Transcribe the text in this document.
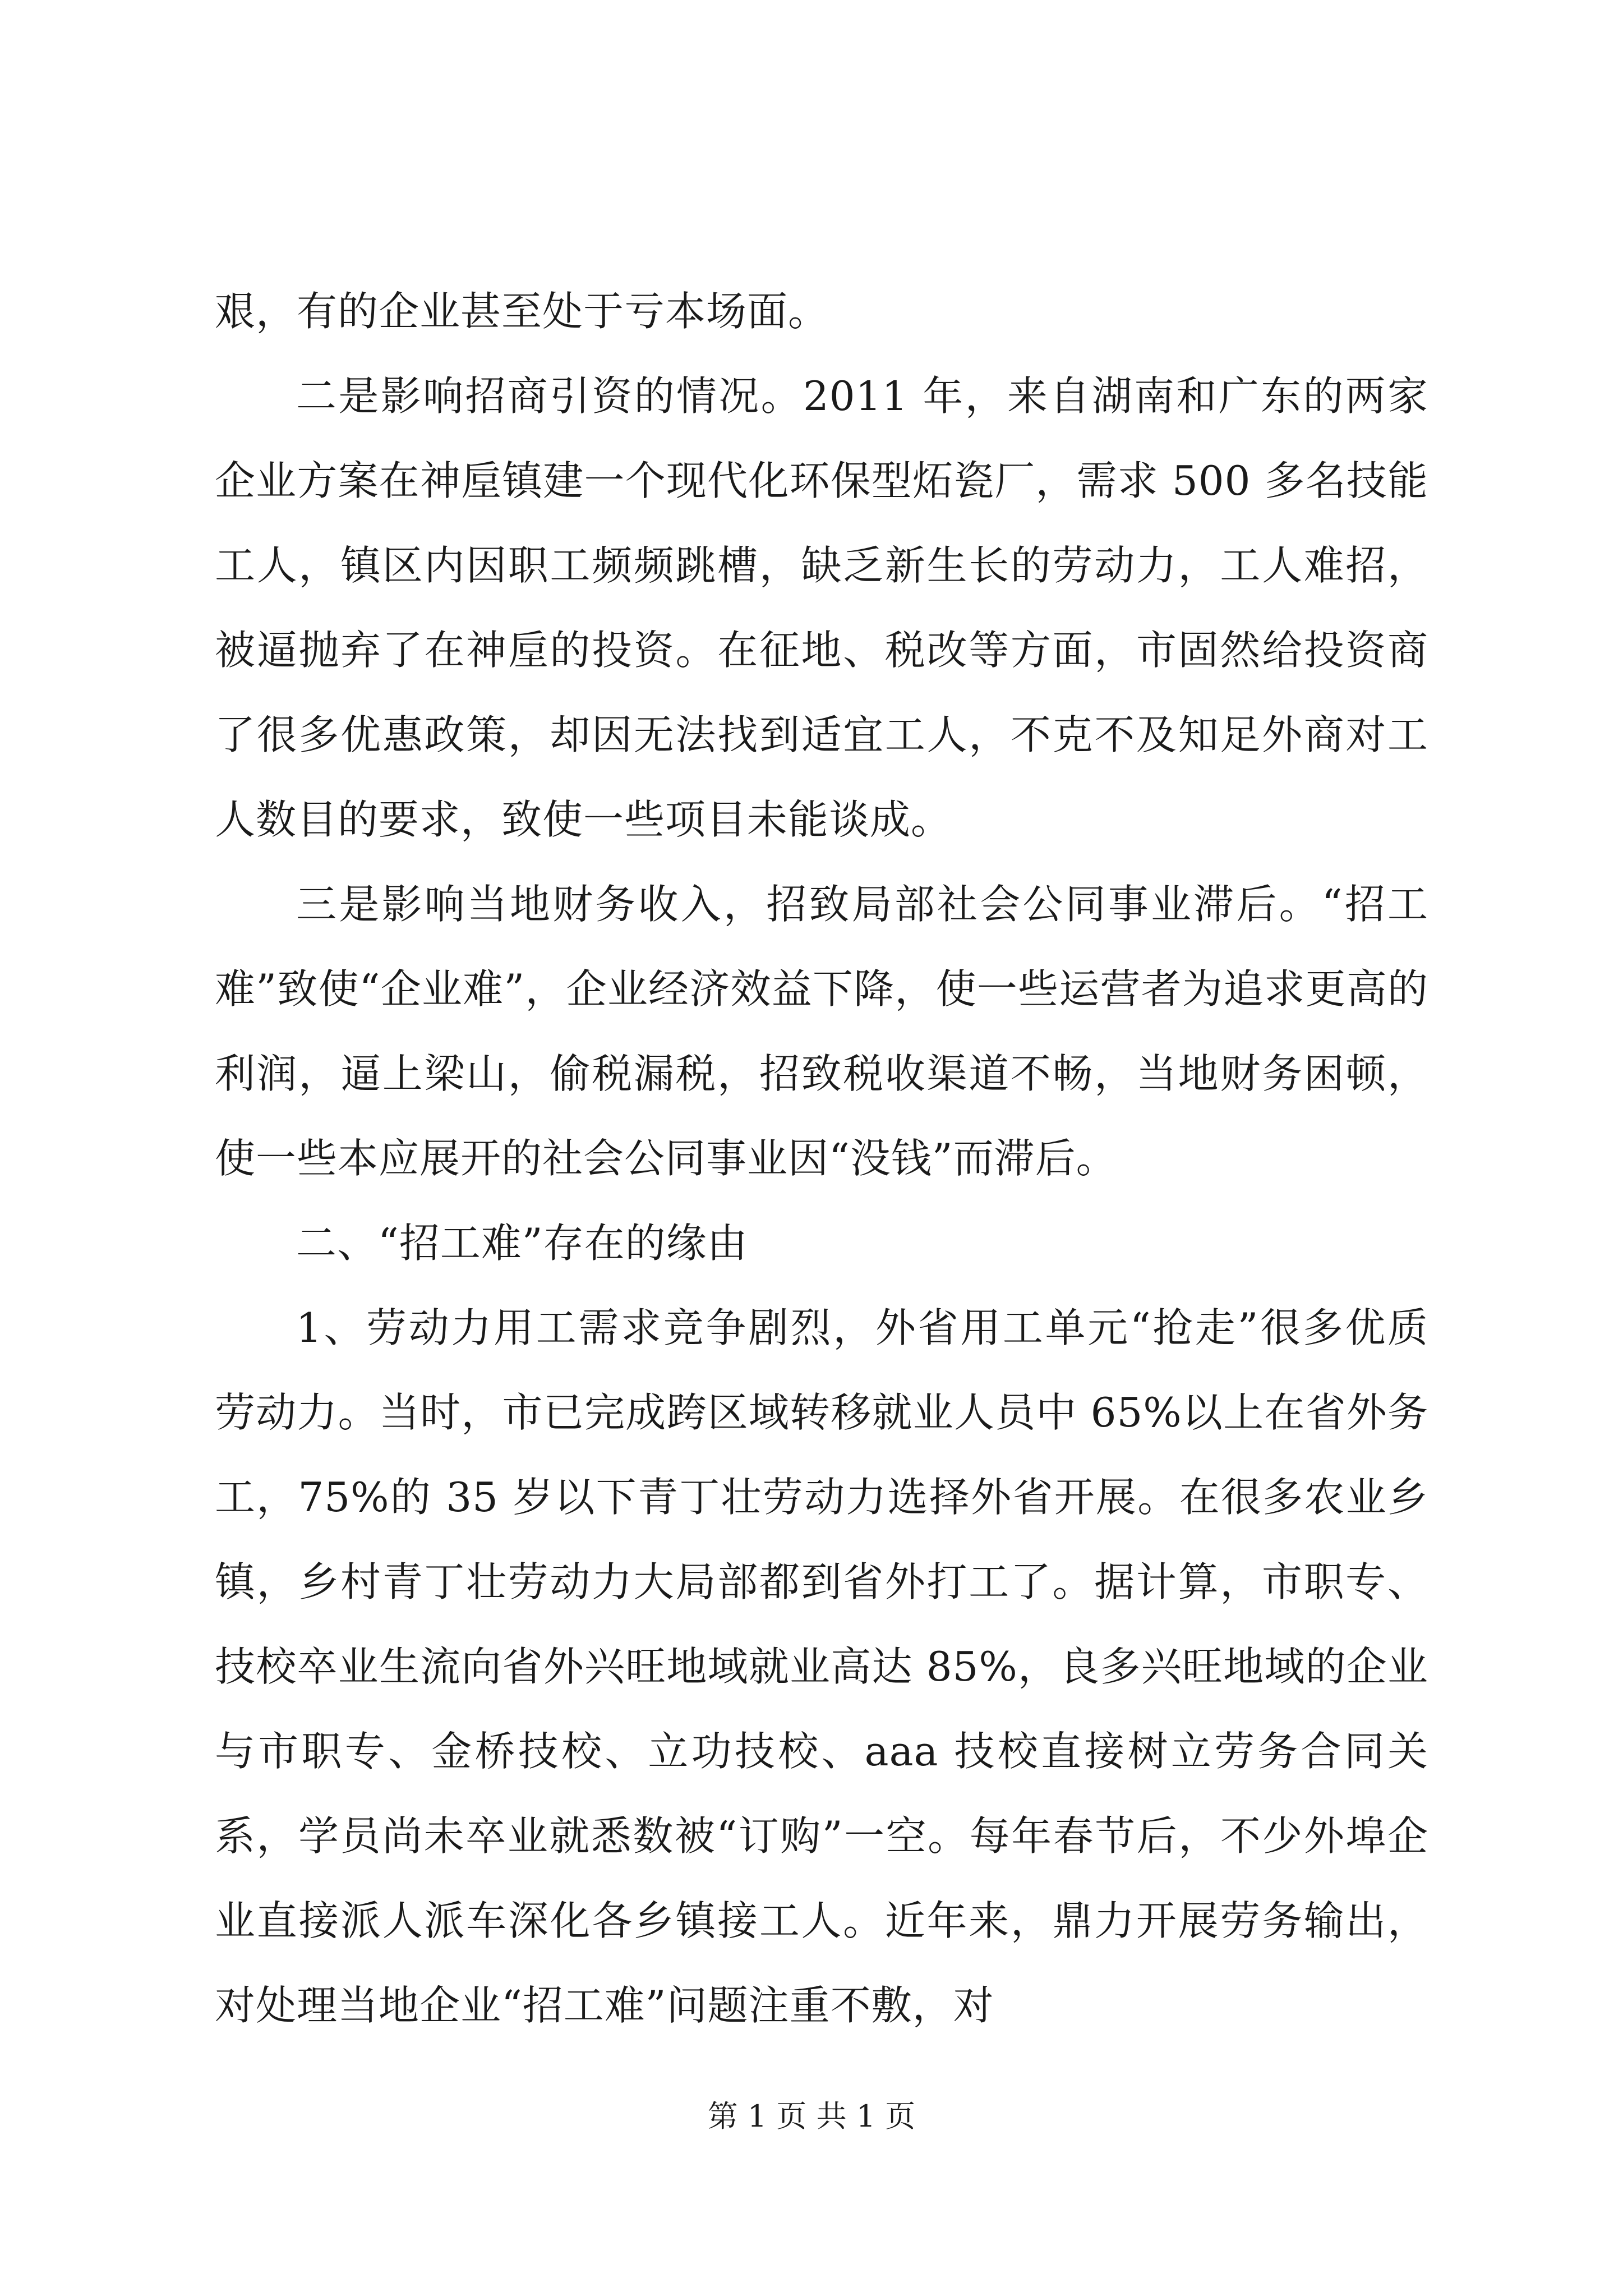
艰，有的企业甚至处于亏本场面。

二是影响招商引资的情况。2011 年，来自湖南和广东的两家企业方案在神垕镇建一个现代化环保型炻瓷厂，需求 500 多名技能工人，镇区内因职工频频跳槽，缺乏新生长的劳动力，工人难招，被逼抛弃了在神垕的投资。在征地、税改等方面，市固然给投资商了很多优惠政策，却因无法找到适宜工人，不克不及知足外商对工人数目的要求，致使一些项目未能谈成。

三是影响当地财务收入，招致局部社会公同事业滞后。“招工难”致使“企业难”，企业经济效益下降，使一些运营者为追求更高的利润，逼上梁山，偷税漏税，招致税收渠道不畅，当地财务困顿，使一些本应展开的社会公同事业因“没钱”而滞后。

二、“招工难”存在的缘由

1、劳动力用工需求竞争剧烈，外省用工单元“抢走”很多优质劳动力。当时，市已完成跨区域转移就业人员中 65%以上在省外务工，75%的 35 岁以下青丁壮劳动力选择外省开展。在很多农业乡镇，乡村青丁壮劳动力大局部都到省外打工了。据计算，市职专、技校卒业生流向省外兴旺地域就业高达 85%，良多兴旺地域的企业与市职专、金桥技校、立功技校、aaa 技校直接树立劳务合同关系，学员尚未卒业就悉数被“订购”一空。每年春节后，不少外埠企业直接派人派车深化各乡镇接工人。近年来，鼎力开展劳务输出，对处理当地企业“招工难”问题注重不敷，对

第 1 页 共 1 页
